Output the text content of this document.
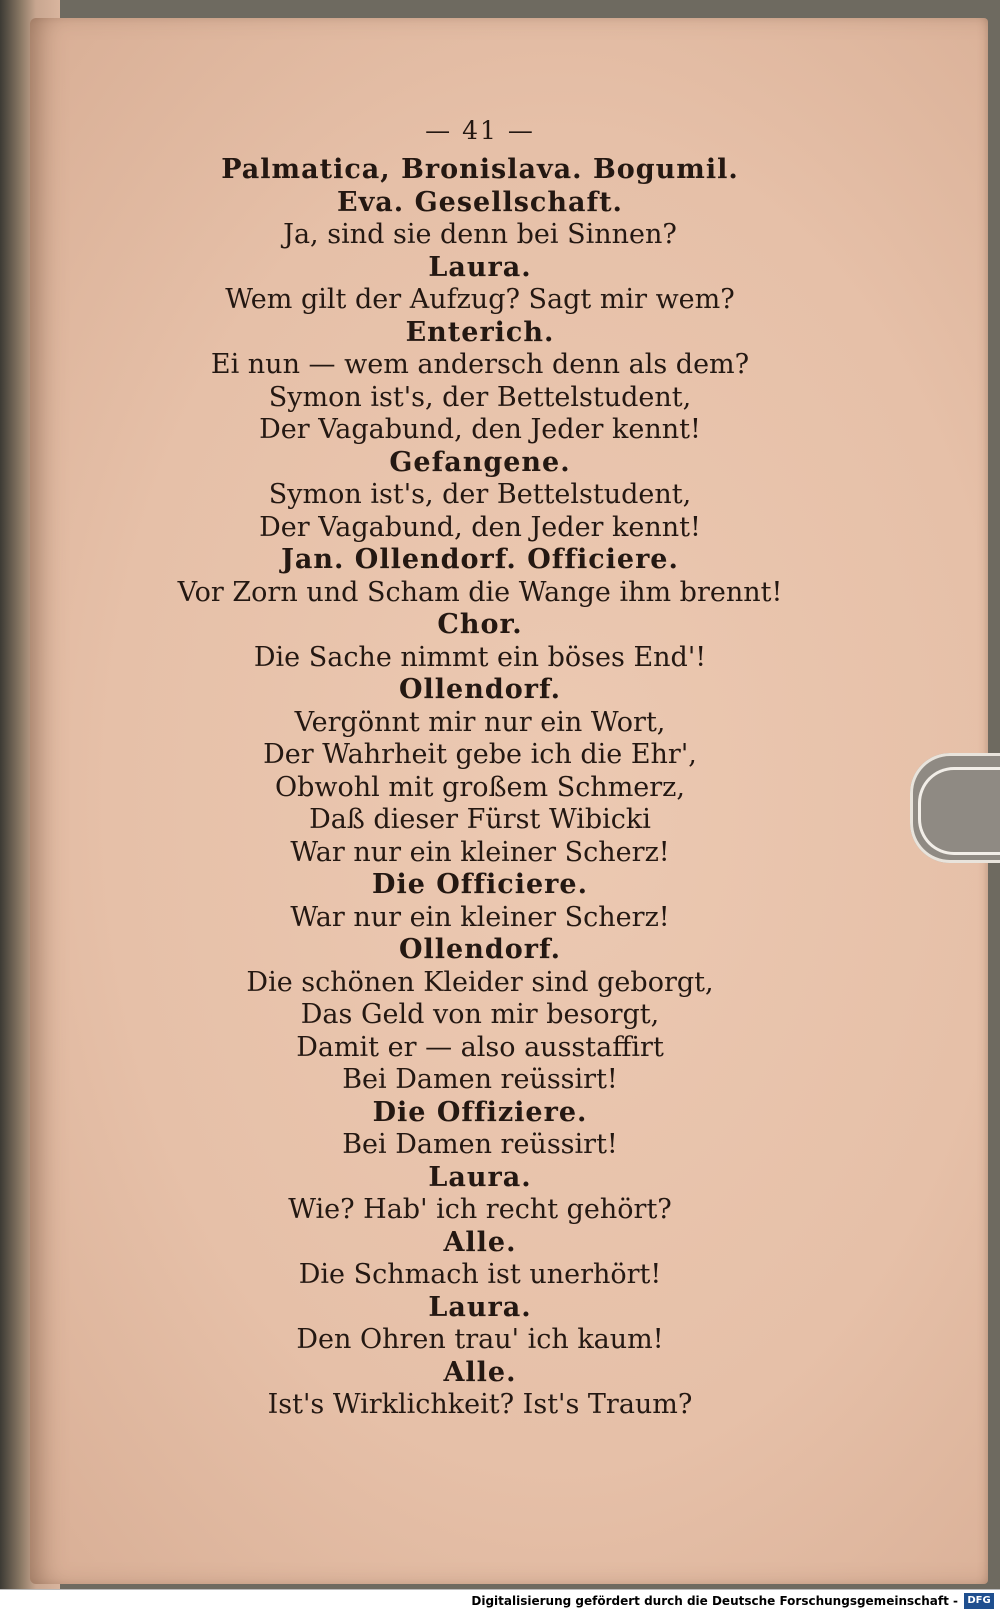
— 41 —
Palmatica, Bronislava. Bogumil.
Eva. Gesellschaft.
Ja, sind sie denn bei Sinnen?
Laura.
Wem gilt der Aufzug? Sagt mir wem?
Enterich.
Ei nun — wem andersch denn als dem?
Symon ist's, der Bettelstudent,
Der Vagabund, den Jeder kennt!
Gefangene.
Symon ist's, der Bettelstudent,
Der Vagabund, den Jeder kennt!
Jan. Ollendorf. Officiere.
Vor Zorn und Scham die Wange ihm brennt!
Chor.
Die Sache nimmt ein böses End'!
Ollendorf.
Vergönnt mir nur ein Wort,
Der Wahrheit gebe ich die Ehr',
Obwohl mit großem Schmerz,
Daß dieser Fürst Wibicki
War nur ein kleiner Scherz!
Die Officiere.
War nur ein kleiner Scherz!
Ollendorf.
Die schönen Kleider sind geborgt,
Das Geld von mir besorgt,
Damit er — also ausstaffirt
Bei Damen reüssirt!
Die Offiziere.
Bei Damen reüssirt!
Laura.
Wie? Hab' ich recht gehört?
Alle.
Die Schmach ist unerhört!
Laura.
Den Ohren trau' ich kaum!
Alle.
Ist's Wirklichkeit? Ist's Traum?
Digitalisierung gefördert durch die Deutsche Forschungsgemeinschaft - DFG
